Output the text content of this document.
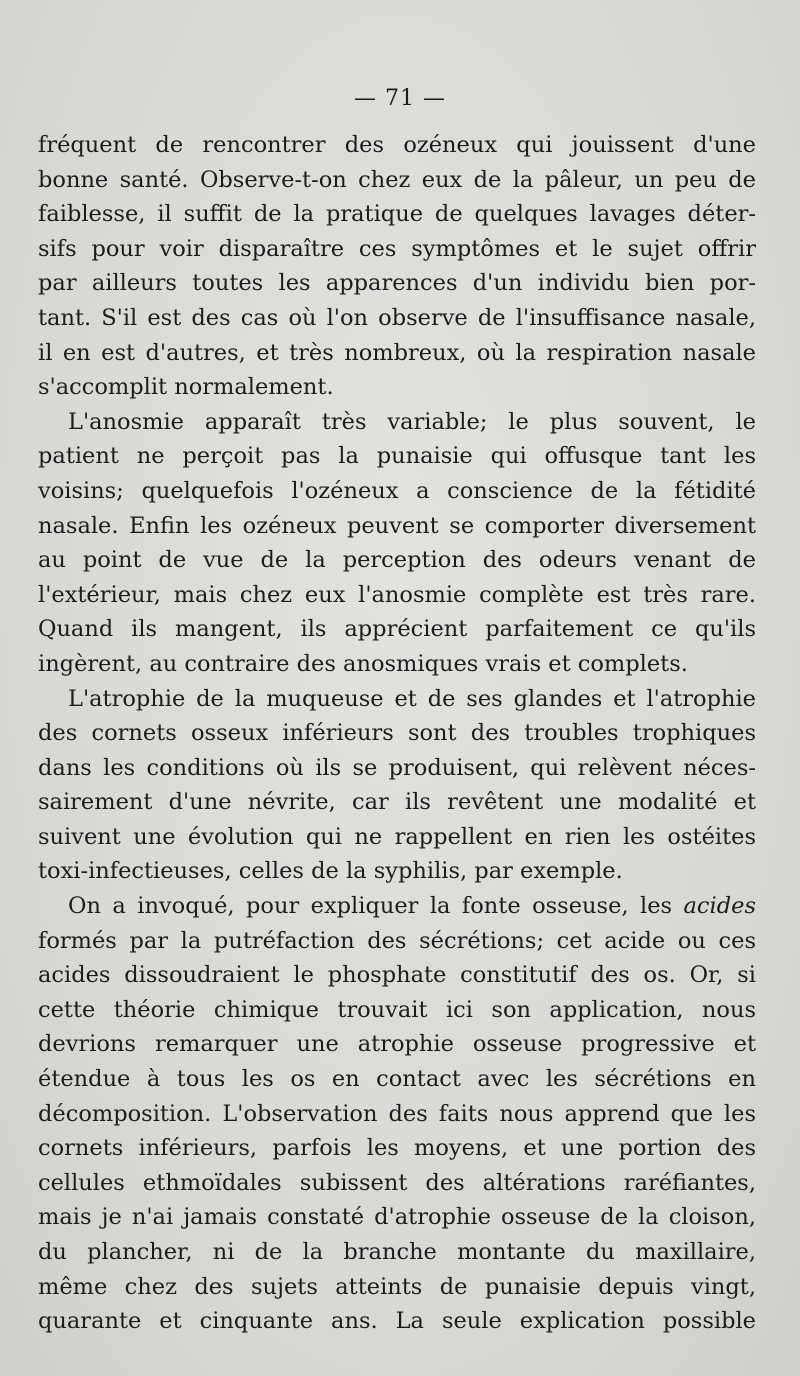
— 71 —
fréquent de rencontrer des ozéneux qui jouissent d'une
bonne santé. Observe-t-on chez eux de la pâleur, un peu de
faiblesse, il suffit de la pratique de quelques lavages déter-
sifs pour voir disparaître ces symptômes et le sujet offrir
par ailleurs toutes les apparences d'un individu bien por-
tant. S'il est des cas où l'on observe de l'insuffisance nasale,
il en est d'autres, et très nombreux, où la respiration nasale
s'accomplit normalement.
L'anosmie apparaît très variable; le plus souvent, le
patient ne perçoit pas la punaisie qui offusque tant les
voisins; quelquefois l'ozéneux a conscience de la fétidité
nasale. Enfin les ozéneux peuvent se comporter diversement
au point de vue de la perception des odeurs venant de
l'extérieur, mais chez eux l'anosmie complète est très rare.
Quand ils mangent, ils apprécient parfaitement ce qu'ils
ingèrent, au contraire des anosmiques vrais et complets.
L'atrophie de la muqueuse et de ses glandes et l'atrophie
des cornets osseux inférieurs sont des troubles trophiques
dans les conditions où ils se produisent, qui relèvent néces-
sairement d'une névrite, car ils revêtent une modalité et
suivent une évolution qui ne rappellent en rien les ostéites
toxi-infectieuses, celles de la syphilis, par exemple.
On a invoqué, pour expliquer la fonte osseuse, les acides
formés par la putréfaction des sécrétions; cet acide ou ces
acides dissoudraient le phosphate constitutif des os. Or, si
cette théorie chimique trouvait ici son application, nous
devrions remarquer une atrophie osseuse progressive et
étendue à tous les os en contact avec les sécrétions en
décomposition. L'observation des faits nous apprend que les
cornets inférieurs, parfois les moyens, et une portion des
cellules ethmoïdales subissent des altérations raréfiantes,
mais je n'ai jamais constaté d'atrophie osseuse de la cloison,
du plancher, ni de la branche montante du maxillaire,
même chez des sujets atteints de punaisie depuis vingt,
quarante et cinquante ans. La seule explication possible
